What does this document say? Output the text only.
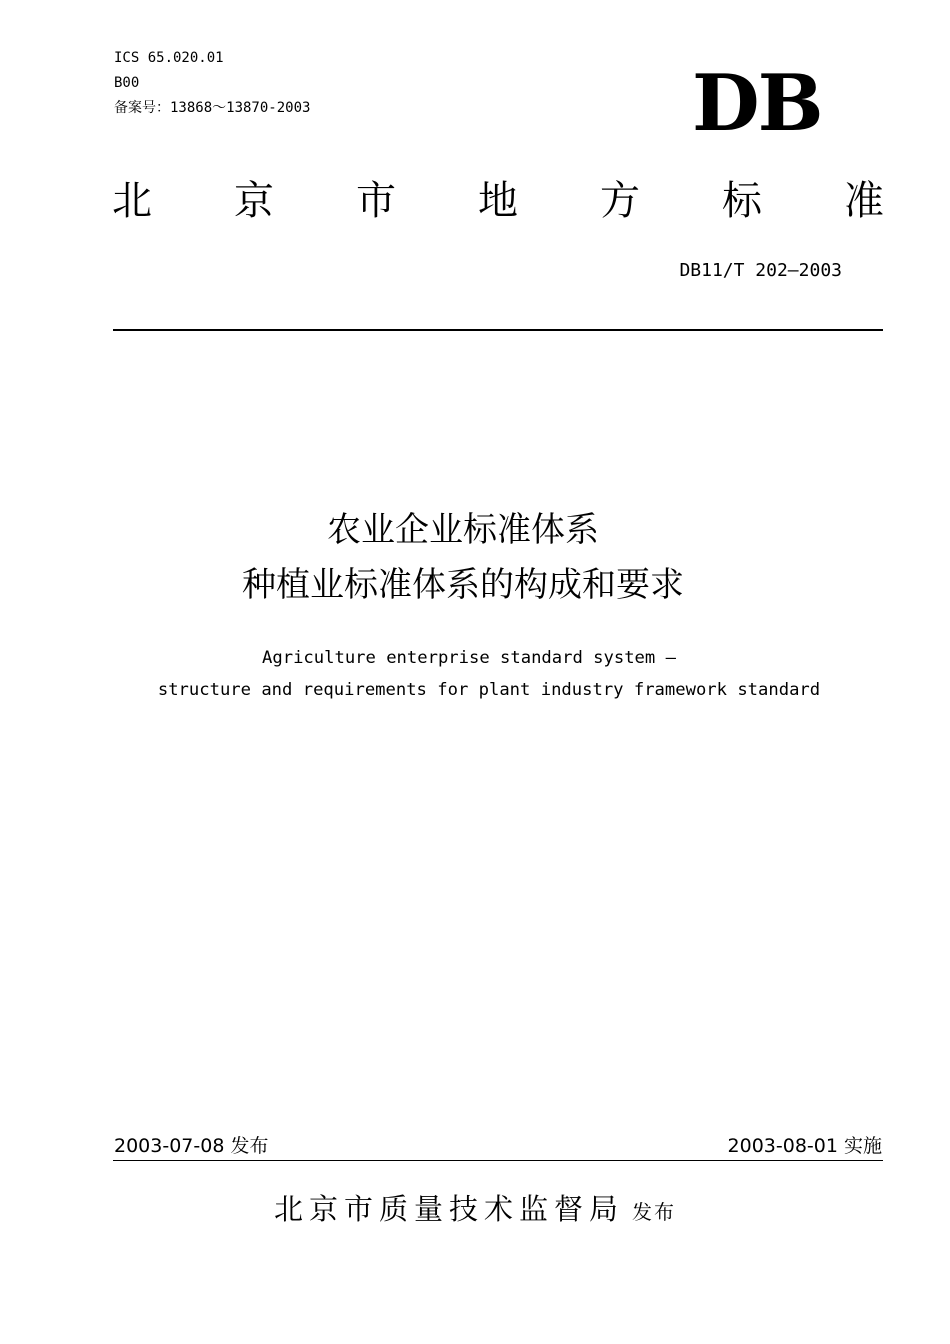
ICS 65.020.01
B00
备案号：13868～13870-2003	DB
北 京 市 地 方 标 准
DB11/T 202—2003
农业企业标准体系
种植业标准体系的构成和要求
Agriculture enterprise standard system —
structure and requirements for plant industry framework standard
2003-07-08 发布	2003-08-01 实施
北京市质量技术监督局 发布
